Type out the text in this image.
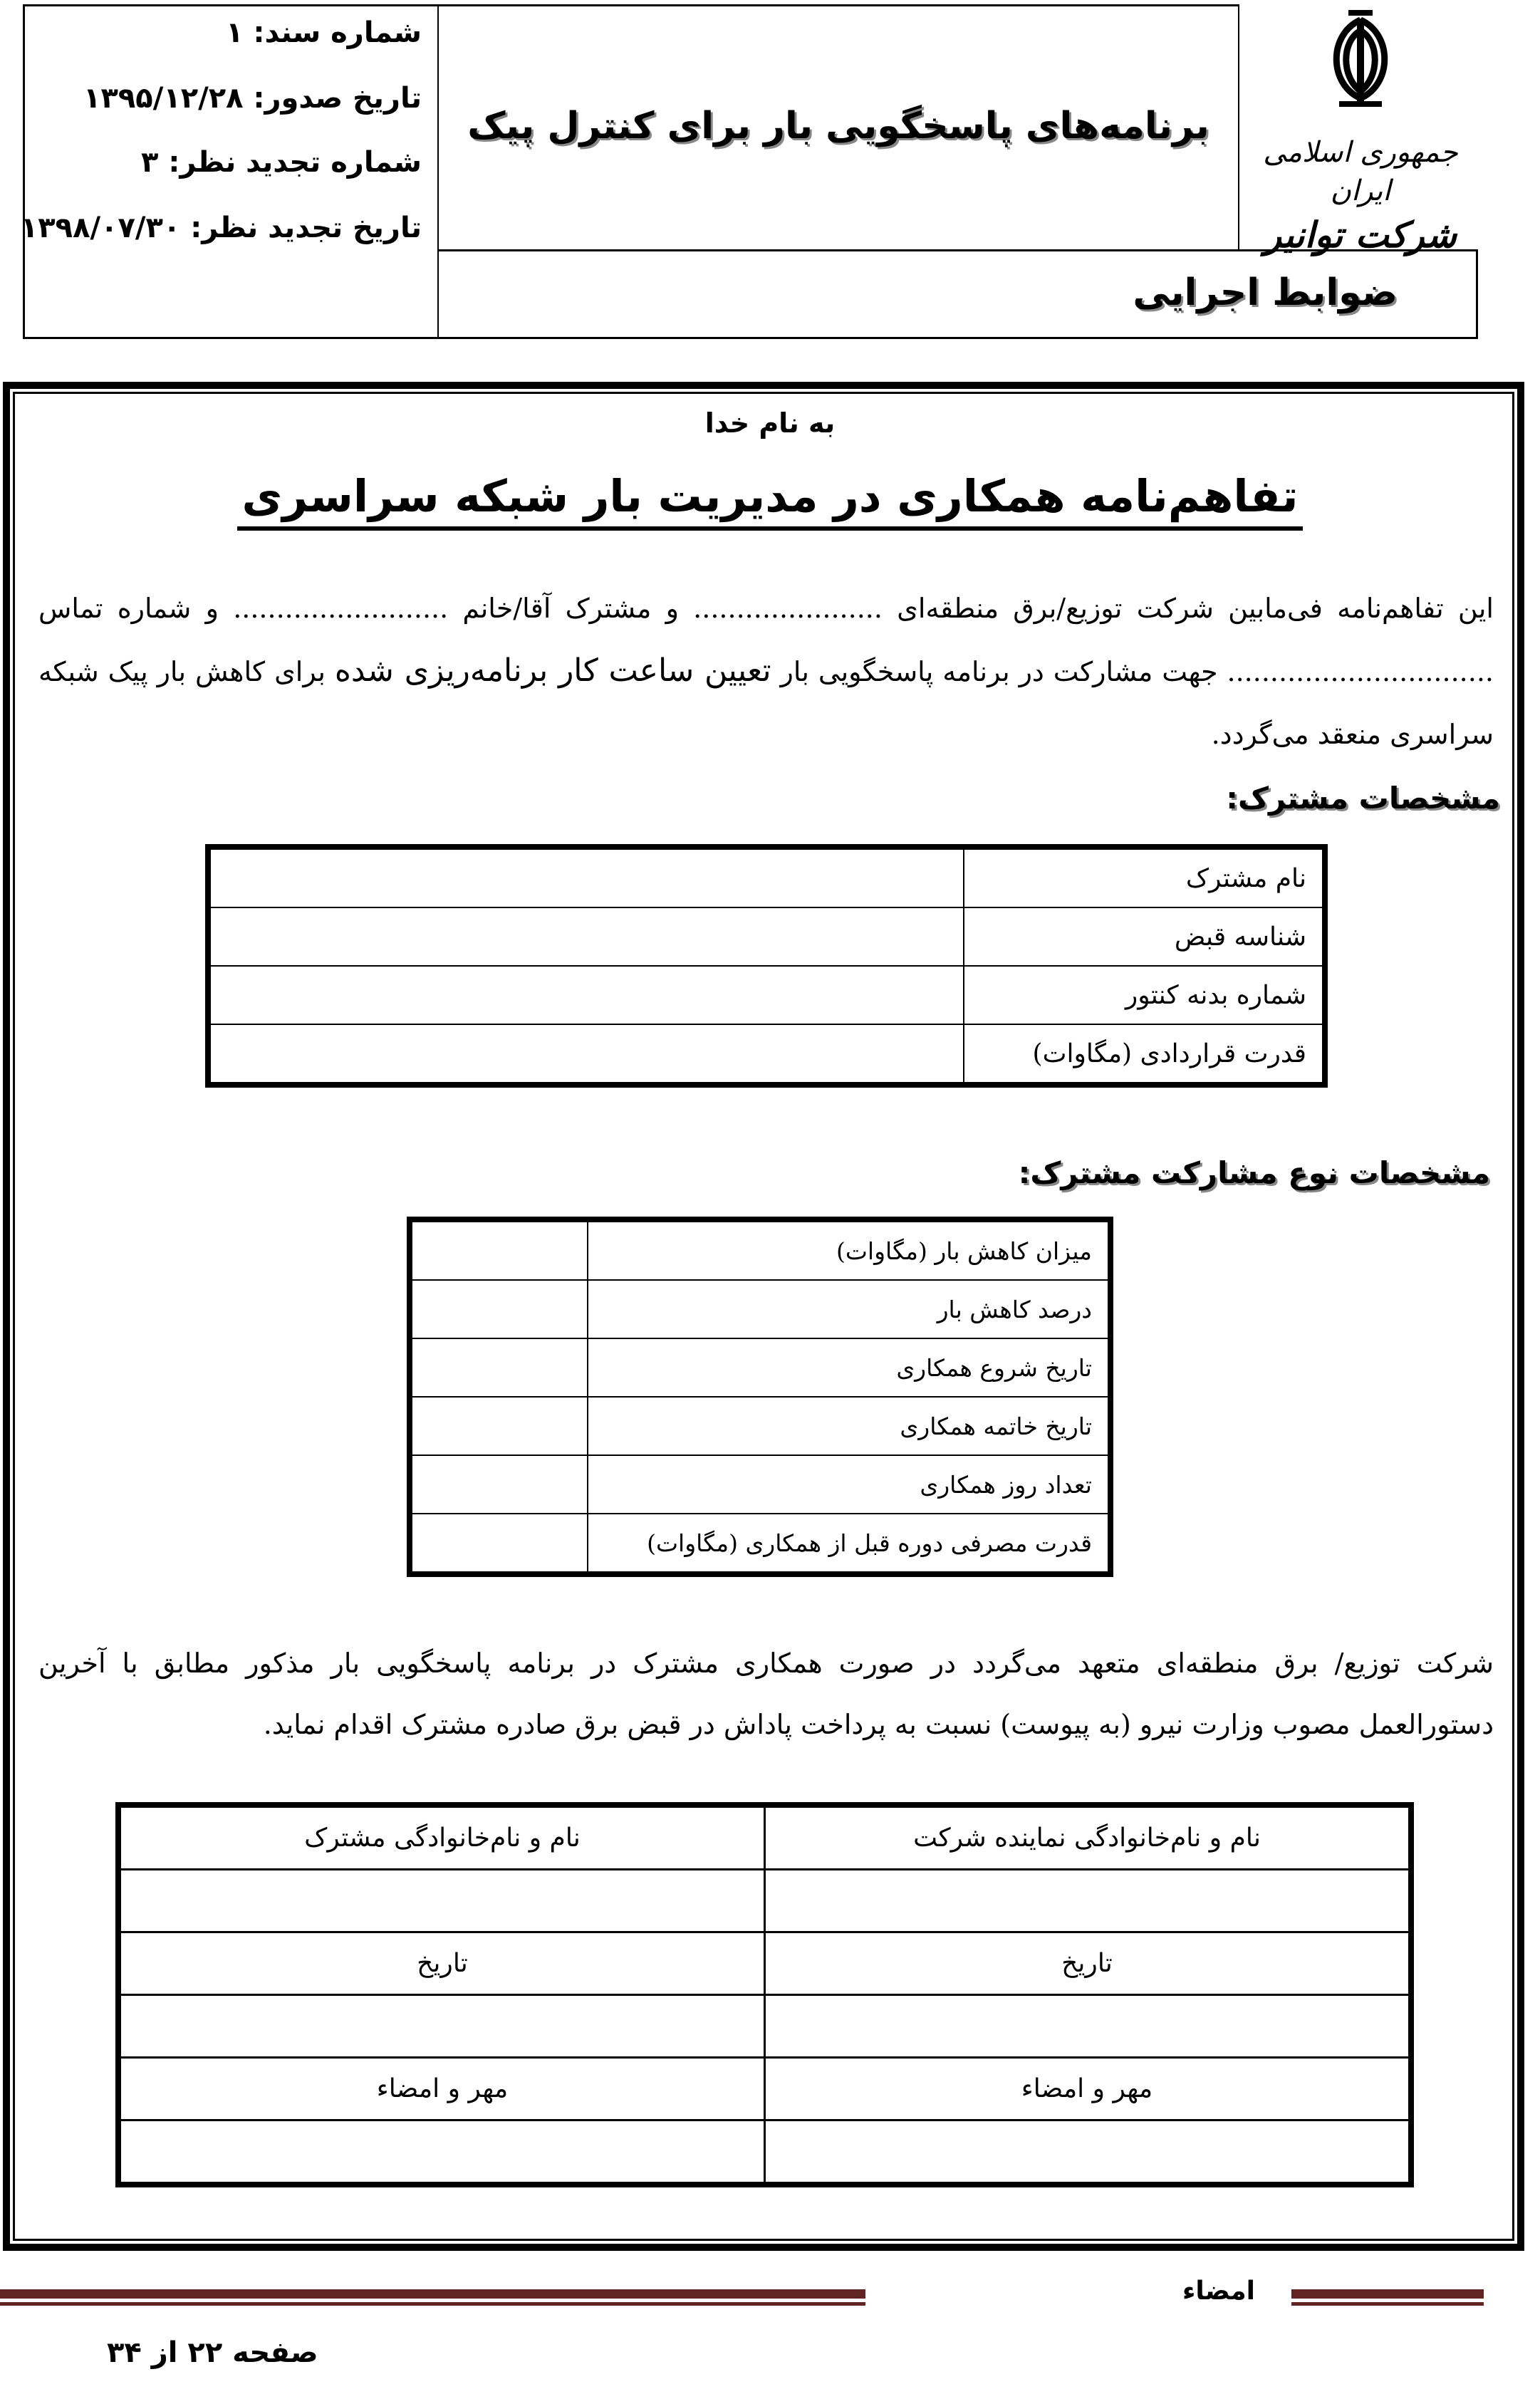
شماره سند: ۱
تاریخ صدور: ۱۳۹۵/۱۲/۲۸
شماره تجدید نظر: ۳
تاریخ تجدید نظر: ۱۳۹۸/۰۷/۳۰
برنامه‌های پاسخگویی بار برای کنترل پیک
ضوابط اجرایی
جمهوری اسلامی ایران
شرکت توانیر
به نام خدا
تفاهم‌نامه همکاری در مدیریت بار شبکه سراسری
این تفاهم‌نامه فی‌مابین شرکت توزیع/برق منطقه‌ای ...................... و مشترک آقا/خانم ......................... و شماره تماس ............................... جهت مشارکت در برنامه پاسخگویی بار تعیین ساعت کار برنامه‌ریزی شده برای کاهش بار پیک شبکه سراسری منعقد می‌گردد.
مشخصات مشترک:
نام مشترک	
شناسه قبض	
شماره بدنه کنتور	
قدرت قراردادی (مگاوات)	
مشخصات نوع مشارکت مشترک:
میزان کاهش بار (مگاوات)	
درصد کاهش بار	
تاریخ شروع همکاری	
تاریخ خاتمه همکاری	
تعداد روز همکاری	
قدرت مصرفی دوره قبل از همکاری (مگاوات)	
شرکت توزیع/ برق منطقه‌ای متعهد می‌گردد در صورت همکاری مشترک در برنامه پاسخگویی بار مذکور مطابق با آخرین دستورالعمل مصوب وزارت نیرو (به پیوست) نسبت به پرداخت پاداش در قبض برق صادره مشترک اقدام نماید.
نام و نام‌خانوادگی نماینده شرکت	نام و نام‌خانوادگی مشترک

تاریخ	تاریخ

مهر و امضاء	مهر و امضاء

امضاء
صفحه ۲۲ از ۳۴
